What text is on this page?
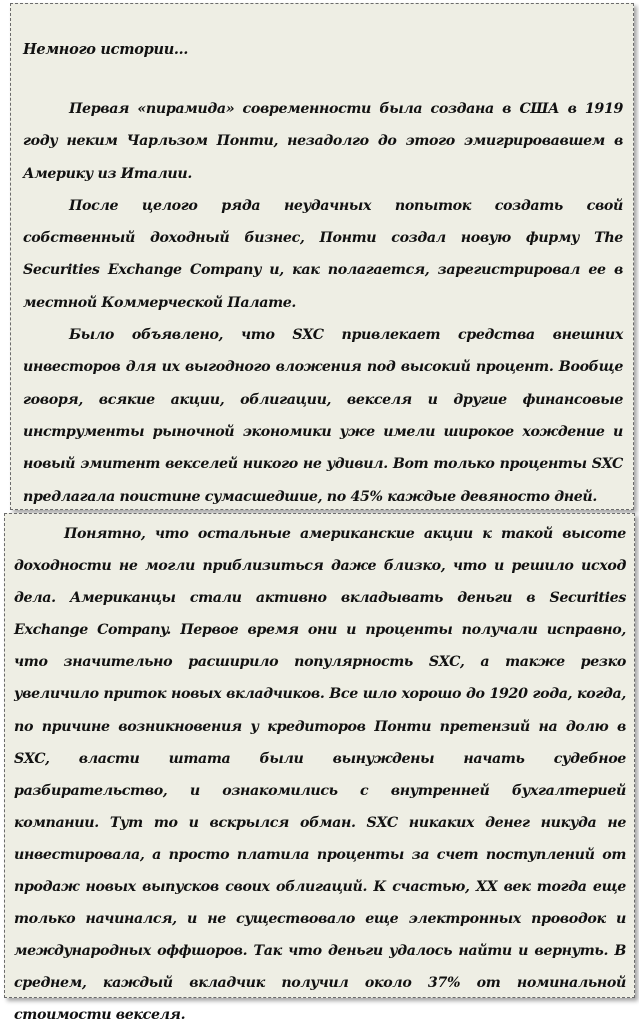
Немного истории…

Первая «пирамида» современности была создана в США в 1919 году неким Чарльзом Понти, незадолго до этого эмигрировавшем в Америку из Италии.

После целого ряда неудачных попыток создать свой собственный доходный бизнес, Понти создал новую фирму The Securities Exchange Company и, как полагается, зарегистрировал ее в местной Коммерческой Палате.

Было объявлено, что SXC привлекает средства внешних инвесторов для их выгодного вложения под высокий процент. Вообще говоря, всякие акции, облигации, векселя и другие финансовые инструменты рыночной экономики уже имели широкое хождение и новый эмитент векселей никого не удивил. Вот только проценты SXC предлагала поистине сумасшедшие, по 45% каждые девяносто дней.

Понятно, что остальные американские акции к такой высоте доходности не могли приблизиться даже близко, что и решило исход дела. Американцы стали активно вкладывать деньги в Securities Exchange Company. Первое время они и проценты получали исправно, что значительно расширило популярность SXC, а также резко увеличило приток новых вкладчиков. Все шло хорошо до 1920 года, когда, по причине возникновения у кредиторов Понти претензий на долю в SXC, власти штата были вынуждены начать судебное разбирательство, и ознакомились с внутренней бухгалтерией компании. Тут то и вскрылся обман. SXC никаких денег никуда не инвестировала, а просто платила проценты за счет поступлений от продаж новых выпусков своих облигаций. К счастью, XX век тогда еще только начинался, и не существовало еще электронных проводок и международных оффшоров. Так что деньги удалось найти и вернуть. В среднем, каждый вкладчик получил около 37% от номинальной стоимости векселя.
